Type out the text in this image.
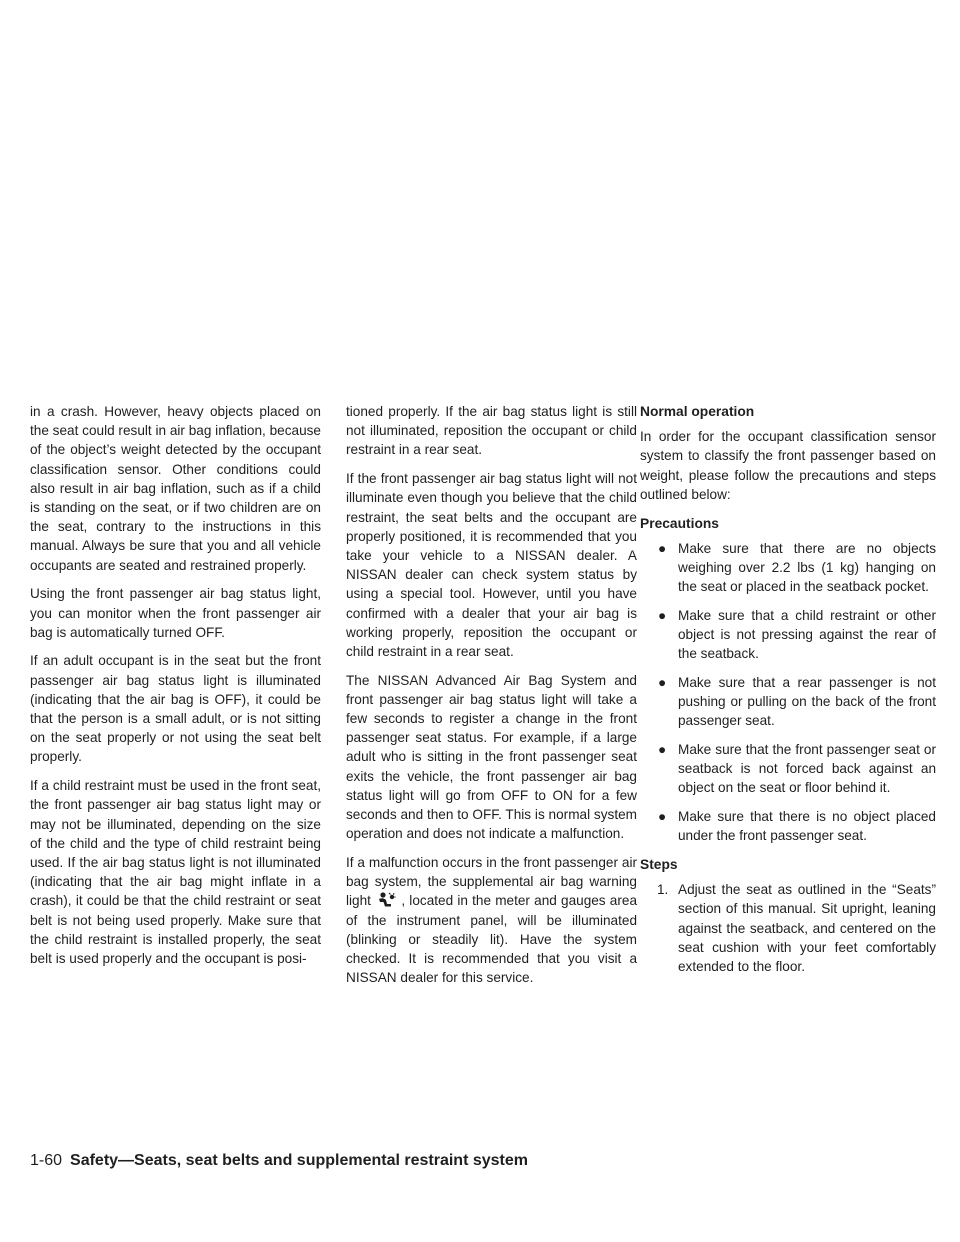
in a crash. However, heavy objects placed on the seat could result in air bag inflation, because of the object’s weight detected by the occupant classification sensor. Other conditions could also result in air bag inflation, such as if a child is standing on the seat, or if two children are on the seat, contrary to the instructions in this manual. Always be sure that you and all vehicle occupants are seated and restrained properly.

Using the front passenger air bag status light, you can monitor when the front passenger air bag is automatically turned OFF.

If an adult occupant is in the seat but the front passenger air bag status light is illuminated (indicating that the air bag is OFF), it could be that the person is a small adult, or is not sitting on the seat properly or not using the seat belt properly.

If a child restraint must be used in the front seat, the front passenger air bag status light may or may not be illuminated, depending on the size of the child and the type of child restraint being used. If the air bag status light is not illuminated (indicating that the air bag might inflate in a crash), it could be that the child restraint or seat belt is not being used properly. Make sure that the child restraint is installed properly, the seat belt is used properly and the occupant is posi-

tioned properly. If the air bag status light is still not illuminated, reposition the occupant or child restraint in a rear seat.

If the front passenger air bag status light will not illuminate even though you believe that the child restraint, the seat belts and the occupant are properly positioned, it is recommended that you take your vehicle to a NISSAN dealer. A NISSAN dealer can check system status by using a special tool. However, until you have confirmed with a dealer that your air bag is working properly, reposition the occupant or child restraint in a rear seat.

The NISSAN Advanced Air Bag System and front passenger air bag status light will take a few seconds to register a change in the front passenger seat status. For example, if a large adult who is sitting in the front passenger seat exits the vehicle, the front passenger air bag status light will go from OFF to ON for a few seconds and then to OFF. This is normal system operation and does not indicate a malfunction.

If a malfunction occurs in the front passenger air bag system, the supplemental air bag warning light , located in the meter and gauges area of the instrument panel, will be illuminated (blinking or steadily lit). Have the system checked. It is recommended that you visit a NISSAN dealer for this service.

Normal operation

In order for the occupant classification sensor system to classify the front passenger based on weight, please follow the precautions and steps outlined below:

Precautions

● Make sure that there are no objects weighing over 2.2 lbs (1 kg) hanging on the seat or placed in the seatback pocket.
● Make sure that a child restraint or other object is not pressing against the rear of the seatback.
● Make sure that a rear passenger is not pushing or pulling on the back of the front passenger seat.
● Make sure that the front passenger seat or seatback is not forced back against an object on the seat or floor behind it.
● Make sure that there is no object placed under the front passenger seat.

Steps

1. Adjust the seat as outlined in the “Seats” section of this manual. Sit upright, leaning against the seatback, and centered on the seat cushion with your feet comfortably extended to the floor.
1-60 Safety—Seats, seat belts and supplemental restraint system
